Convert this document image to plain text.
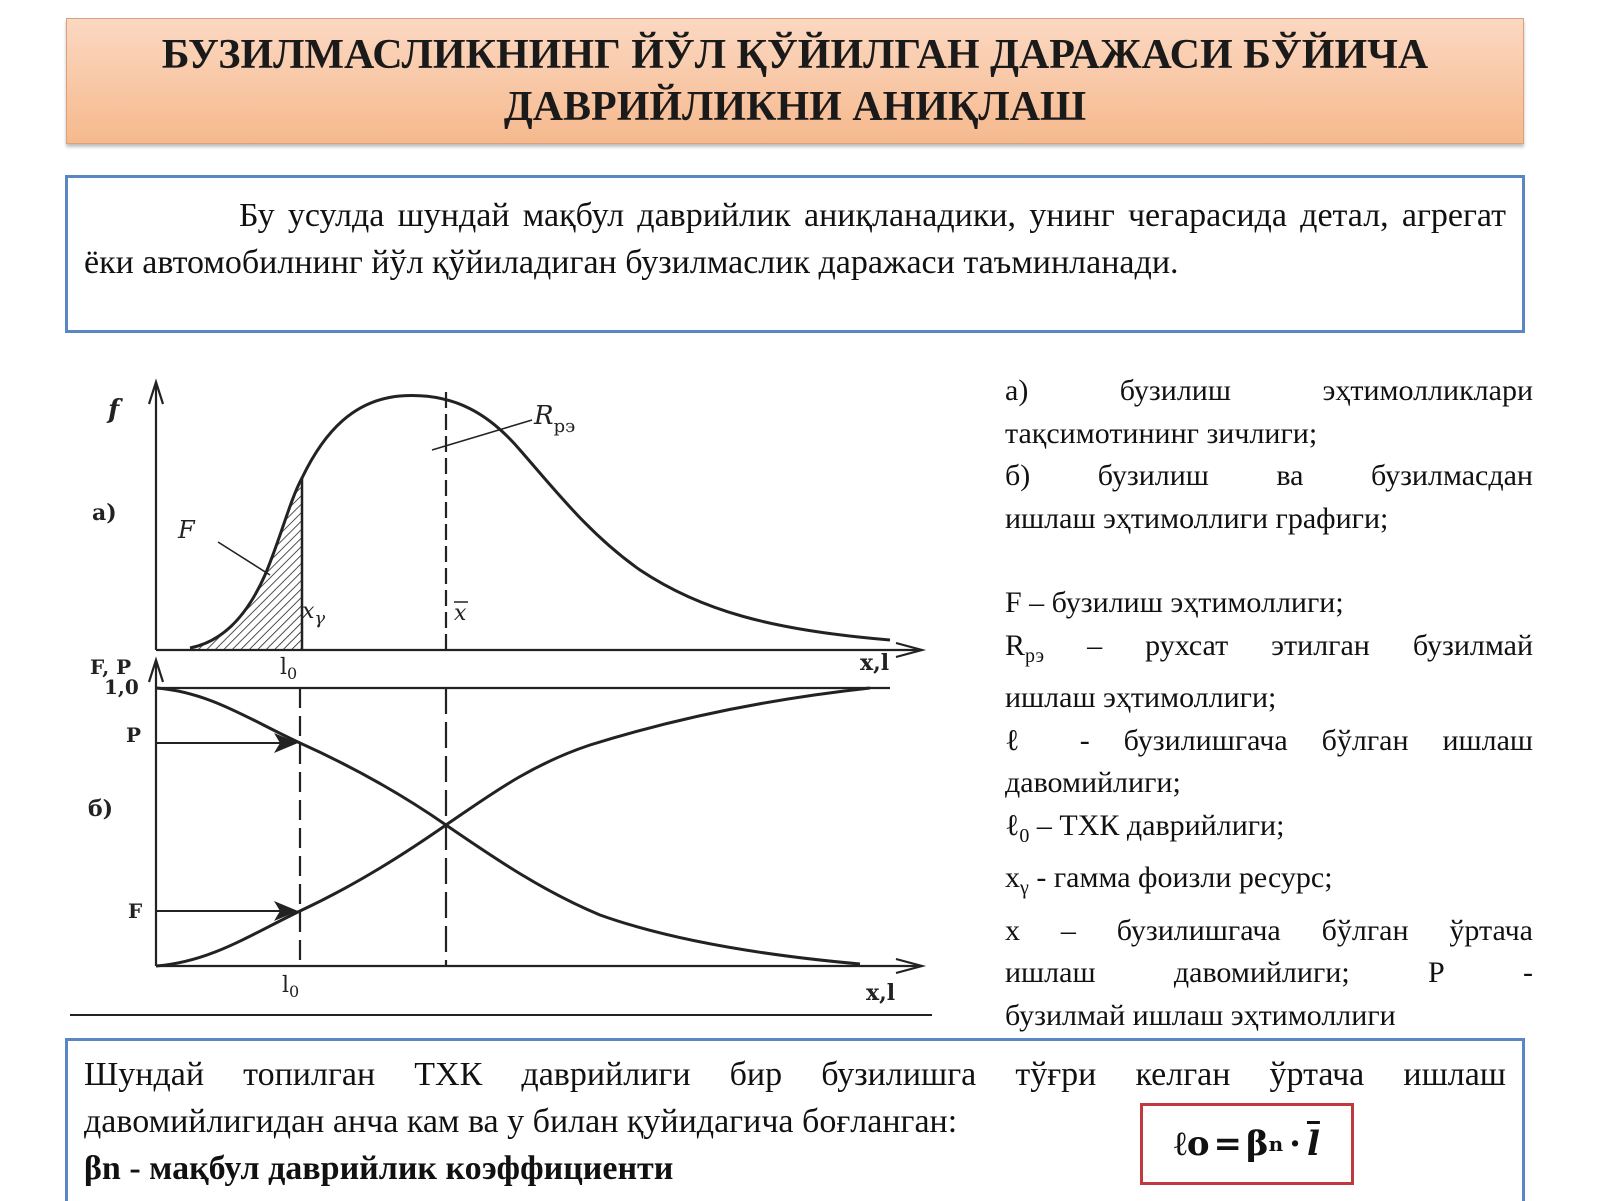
БУЗИЛМАСЛИКНИНГ ЙЎЛ ҚЎЙИЛГАН ДАРАЖАСИ БЎЙИЧА
ДАВРИЙЛИКНИ АНИҚЛАШ
Бу усулда шундай мақбул даврийлик аниқланадики, унинг чегарасида детал, агрегат ёки автомобилнинг йўл қўйиладиган бузилмаслик даражаси таъминланади.
f
а)
F
$R_{рэ}$
$x_\gamma$	x
$l_0$	x,l
F, P
1,0
P
б)
F
$l_0$	x,l

а) бузилиш эҳтимолликлари

тақсимотининг зичлиги;

б) бузилиш ва бузилмасдан

ишлаш эҳтимоллиги графиги;

F – бузилиш эҳтимоллиги;

$R_{рэ}$ – рухсат этилган бузилмай

ишлаш эҳтимоллиги;

ℓ - бузилишгача бўлган ишлаш

давомийлиги;

ℓ$_0$ – ТХК даврийлиги;

$x_\gamma$ - гамма фоизли ресурс;

x – бузилишгача бўлган ўртача

ишлаш давомийлиги; Р -

бузилмай ишлаш эҳтимоллиги

Шундай топилган ТХК даврийлиги бир бузилишга тўғри келган ўртача ишлаш
давомийлигидан анча кам ва у билан қуйидагича боғланган:
βn - мақбул даврийлик коэффициенти
ℓo = β $n \cdot \overline{l}$
